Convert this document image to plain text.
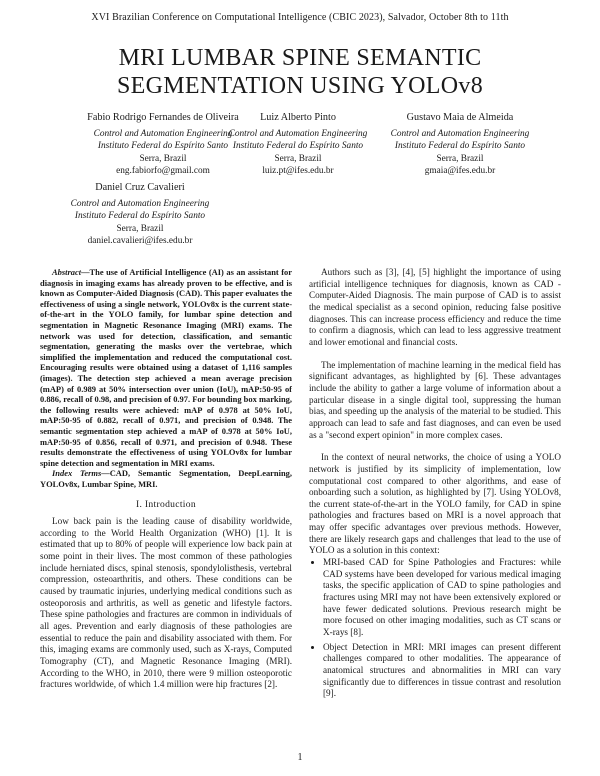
XVI Brazilian Conference on Computational Intelligence (CBIC 2023), Salvador, October 8th to 11th
MRI LUMBAR SPINE SEMANTIC
SEGMENTATION USING YOLOv8
Fabio Rodrigo Fernandes de Oliveira
Control and Automation Engineering
Instituto Federal do Espírito Santo
Serra, Brazil
eng.fabiorfo@gmail.com
Luiz Alberto Pinto
Control and Automation Engineering
Instituto Federal do Espírito Santo
Serra, Brazil
luiz.pt@ifes.edu.br
Gustavo Maia de Almeida
Control and Automation Engineering
Instituto Federal do Espírito Santo
Serra, Brazil
gmaia@ifes.edu.br
Daniel Cruz Cavalieri
Control and Automation Engineering
Instituto Federal do Espírito Santo
Serra, Brazil
daniel.cavalieri@ifes.edu.br

Abstract—The use of Artificial Intelligence (AI) as an assistant for diagnosis in imaging exams has already proven to be effective, and is known as Computer-Aided Diagnosis (CAD). This paper evaluates the effectiveness of using a single network, YOLOv8x is the current state-of-the-art in the YOLO family, for lumbar spine detection and segmentation in Magnetic Resonance Imaging (MRI) exams. The network was used for detection, classification, and semantic segmentation, generating the masks over the vertebrae, which simplified the implementation and reduced the computational cost. Encouraging results were obtained using a dataset of 1,116 samples (images). The detection step achieved a mean average precision (mAP) of 0.989 at 50% intersection over union (IoU), mAP:50-95 of 0.886, recall of 0.98, and precision of 0.97. For bounding box marking, the following results were achieved: mAP of 0.978 at 50% IoU, mAP:50-95 of 0.882, recall of 0.971, and precision of 0.948. The semantic segmentation step achieved a mAP of 0.978 at 50% IoU, mAP:50-95 of 0.856, recall of 0.971, and precision of 0.948. These results demonstrate the effectiveness of using YOLOv8x for lumbar spine detection and segmentation in MRI exams.

Index Terms—CAD, Semantic Segmentation, DeepLearning, YOLOv8x, Lumbar Spine, MRI.

I. Introduction

Low back pain is the leading cause of disability worldwide, according to the World Health Organization (WHO) [1]. It is estimated that up to 80% of people will experience low back pain at some point in their lives. The most common of these pathologies include herniated discs, spinal stenosis, spondylolisthesis, vertebral compression, osteoarthritis, and others. These conditions can be caused by traumatic injuries, underlying medical conditions such as osteoporosis and arthritis, as well as genetic and lifestyle factors. These spine pathologies and fractures are common in individuals of all ages. Prevention and early diagnosis of these pathologies are essential to reduce the pain and disability associated with them. For this, imaging exams are commonly used, such as X-rays, Computed Tomography (CT), and Magnetic Resonance Imaging (MRI). According to the WHO, in 2010, there were 9 million osteoporotic fractures worldwide, of which 1.4 million were hip fractures [2].

Authors such as [3], [4], [5] highlight the importance of using artificial intelligence techniques for diagnosis, known as CAD - Computer-Aided Diagnosis. The main purpose of CAD is to assist the medical specialist as a second opinion, reducing false positive diagnoses. This can increase process efficiency and reduce the time to confirm a diagnosis, which can lead to less aggressive treatment and lower emotional and financial costs.

The implementation of machine learning in the medical field has significant advantages, as highlighted by [6]. These advantages include the ability to gather a large volume of information about a particular disease in a single digital tool, suppressing the human bias, and speeding up the analysis of the material to be studied. This approach can lead to safe and fast diagnoses, and can even be used as a "second expert opinion" in more complex cases.

In the context of neural networks, the choice of using a YOLO network is justified by its simplicity of implementation, low computational cost compared to other algorithms, and ease of onboarding such a solution, as highlighted by [7]. Using YOLOv8, the current state-of-the-art in the YOLO family, for CAD in spine pathologies and fractures based on MRI is a novel approach that may offer specific advantages over previous methods. However, there are likely research gaps and challenges that lead to the use of YOLO as a solution in this context:

• MRI-based CAD for Spine Pathologies and Fractures: while CAD systems have been developed for various medical imaging tasks, the specific application of CAD to spine pathologies and fractures using MRI may not have been extensively explored or have fewer dedicated solutions. Previous research might be more focused on other imaging modalities, such as CT scans or X-rays [8].
• Object Detection in MRI: MRI images can present different challenges compared to other modalities. The appearance of anatomical structures and abnormalities in MRI can vary significantly due to differences in tissue contrast and resolution [9].
1
